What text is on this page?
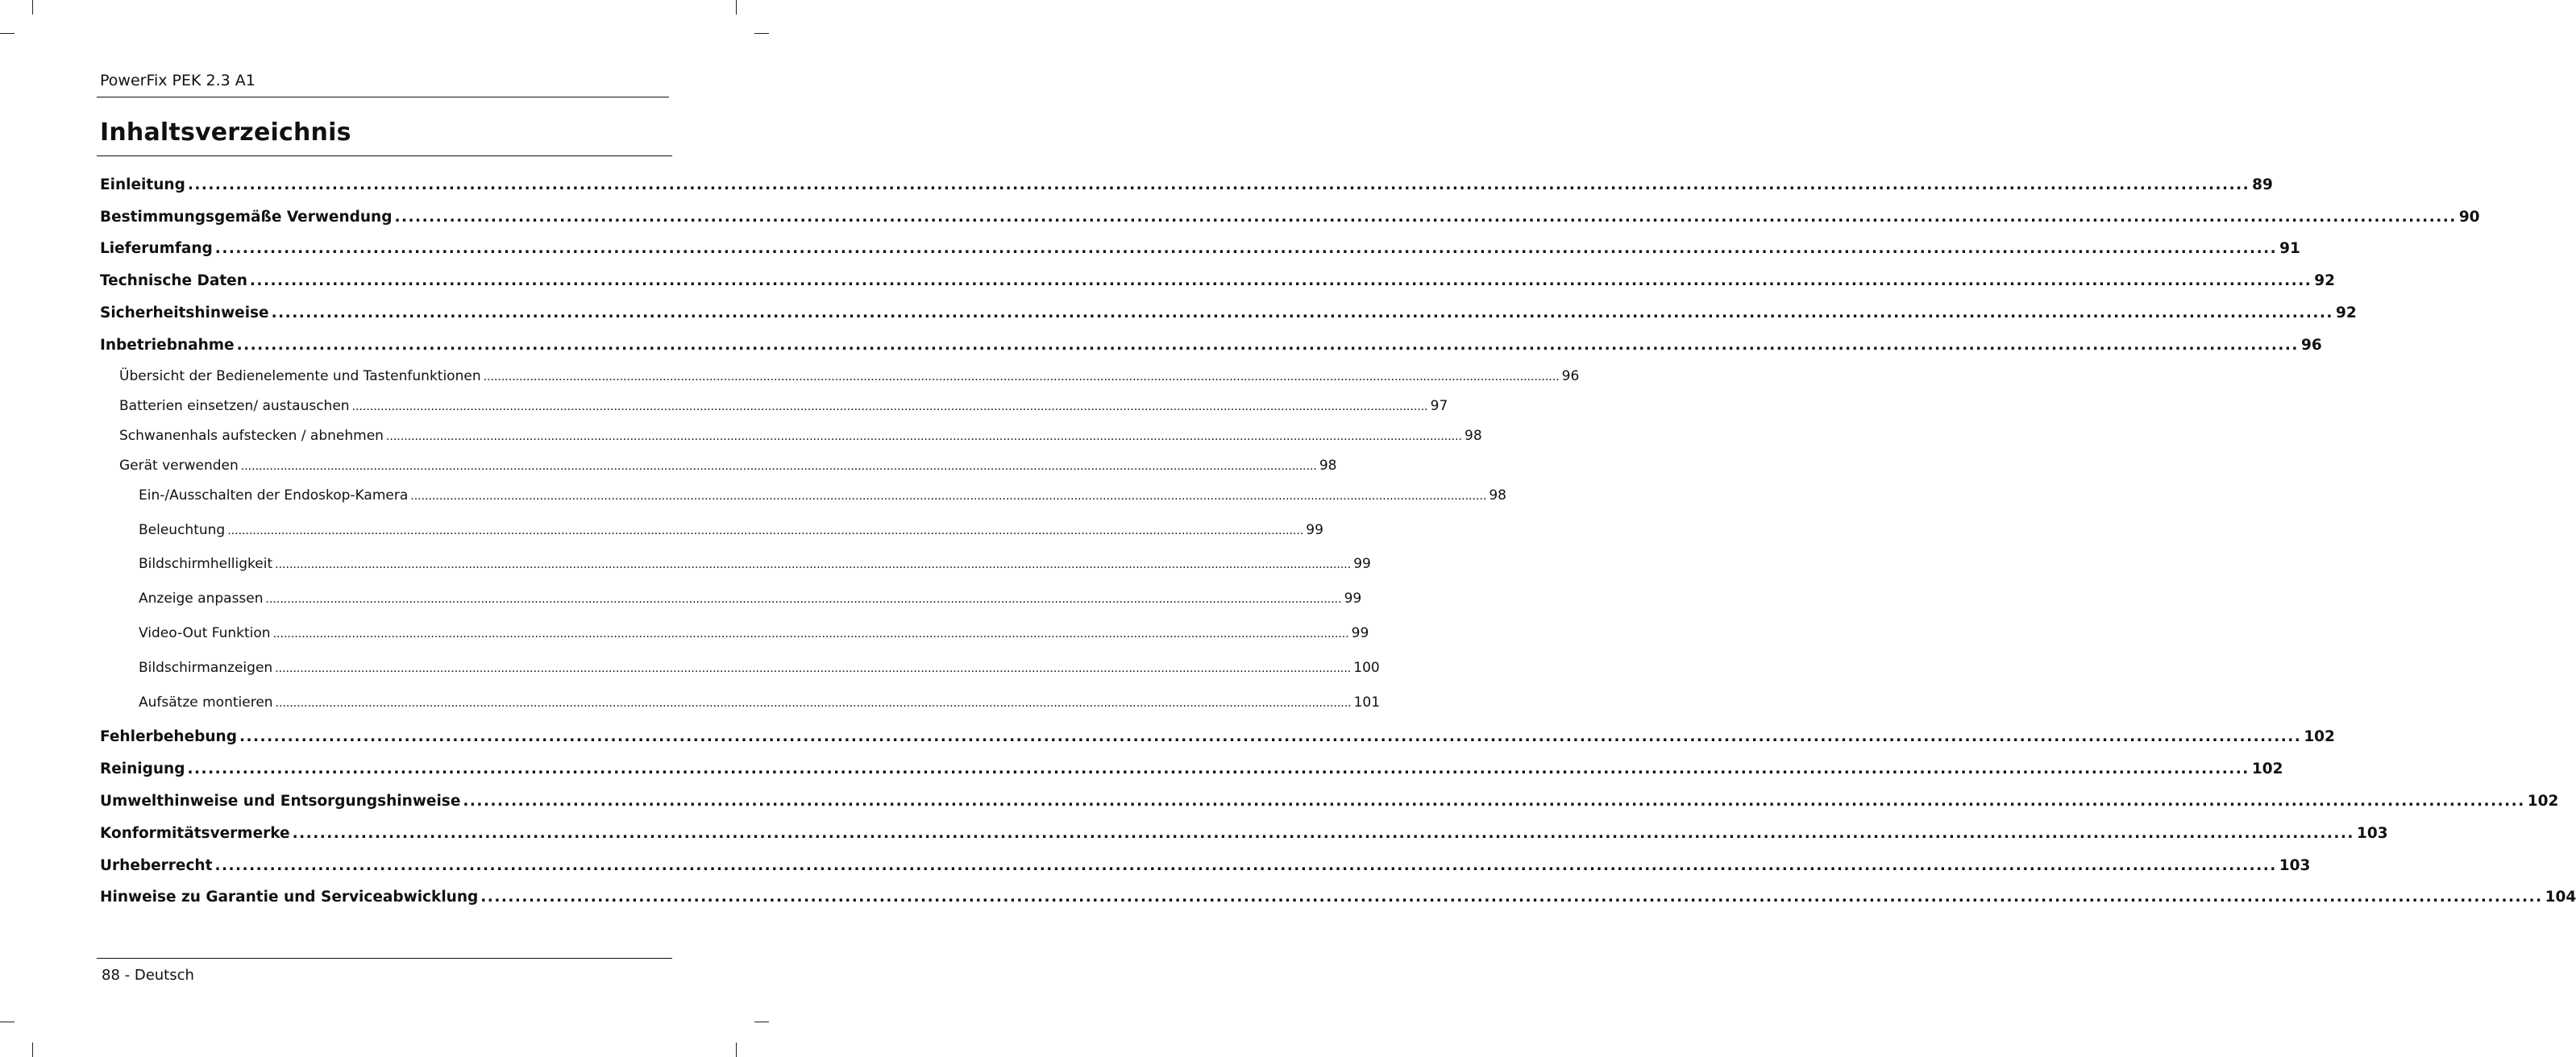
PowerFix PEK 2.3 A1
Inhaltsverzeichnis
Einleitung ............................................................................................................................................................................................................................................................................................................ 89
Bestimmungsgemäße Verwendung ............................................................................................................................................................................................................................................................................................................ 90
Lieferumfang ............................................................................................................................................................................................................................................................................................................ 91
Technische Daten ............................................................................................................................................................................................................................................................................................................ 92
Sicherheitshinweise ............................................................................................................................................................................................................................................................................................................ 92
Inbetriebnahme ............................................................................................................................................................................................................................................................................................................ 96
Übersicht der Bedienelemente und Tastenfunktionen ............................................................................................................................................................................................................................................................................................................ 96
Batterien einsetzen/ austauschen ............................................................................................................................................................................................................................................................................................................ 97
Schwanenhals aufstecken / abnehmen ............................................................................................................................................................................................................................................................................................................ 98
Gerät verwenden ............................................................................................................................................................................................................................................................................................................ 98
Ein-/Ausschalten der Endoskop-Kamera ............................................................................................................................................................................................................................................................................................................ 98
Beleuchtung ............................................................................................................................................................................................................................................................................................................ 99
Bildschirmhelligkeit ............................................................................................................................................................................................................................................................................................................ 99
Anzeige anpassen ............................................................................................................................................................................................................................................................................................................ 99
Video-Out Funktion ............................................................................................................................................................................................................................................................................................................ 99
Bildschirmanzeigen ............................................................................................................................................................................................................................................................................................................ 100
Aufsätze montieren ............................................................................................................................................................................................................................................................................................................ 101
Fehlerbehebung ............................................................................................................................................................................................................................................................................................................ 102
Reinigung ............................................................................................................................................................................................................................................................................................................ 102
Umwelthinweise und Entsorgungshinweise ............................................................................................................................................................................................................................................................................................................ 102
Konformitätsvermerke ............................................................................................................................................................................................................................................................................................................ 103
Urheberrecht ............................................................................................................................................................................................................................................................................................................ 103
Hinweise zu Garantie und Serviceabwicklung ............................................................................................................................................................................................................................................................................................................ 104
88 - Deutsch
